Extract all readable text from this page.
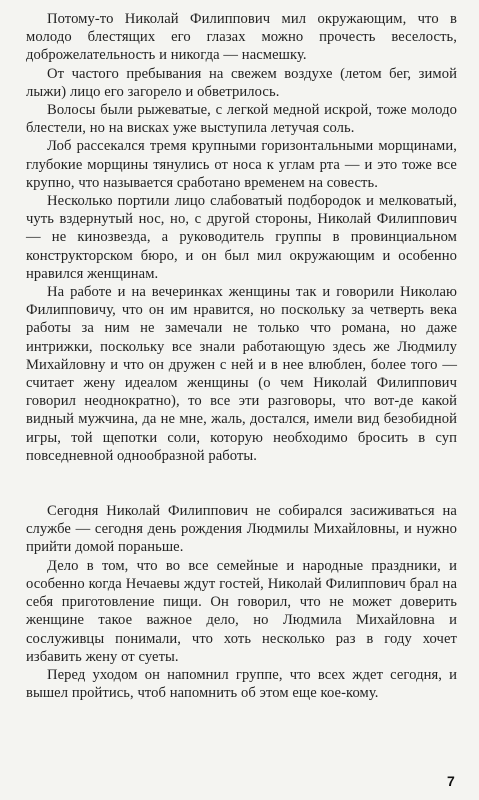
Потому-то Николай Филиппович мил окружающим, что в молодо блестящих его глазах можно прочесть веселость, доброжелательность и никогда — насмешку.

От частого пребывания на свежем воздухе (летом бег, зимой лыжи) лицо его загорело и обветрилось.

Волосы были рыжеватые, с легкой медной искрой, тоже молодо блестели, но на висках уже выступила летучая соль.

Лоб рассекался тремя крупными горизонтальными морщинами, глубокие морщины тянулись от носа к углам рта — и это тоже все крупно, что называется сработано временем на совесть.

Несколько портили лицо слабоватый подбородок и мелковатый, чуть вздернутый нос, но, с другой стороны, Николай Филиппович — не кинозвезда, а руководитель группы в провинциальном конструкторском бюро, и он был мил окружающим и особенно нравился женщинам.

На работе и на вечеринках женщины так и говорили Николаю Филипповичу, что он им нравится, но поскольку за четверть века работы за ним не замечали не только что романа, но даже интрижки, поскольку все знали работающую здесь же Людмилу Михайловну и что он дружен с ней и в нее влюблен, более того — считает жену идеалом женщины (о чем Николай Филиппович говорил неоднократно), то все эти разговоры, что вот-де какой видный мужчина, да не мне, жаль, достался, имели вид безобидной игры, той щепотки соли, которую необходимо бросить в суп повседневной однообразной работы.

Сегодня Николай Филиппович не собирался засиживаться на службе — сегодня день рождения Людмилы Михайловны, и нужно прийти домой пораньше.

Дело в том, что во все семейные и народные праздники, и особенно когда Нечаевы ждут гостей, Николай Филиппович брал на себя приготовление пищи. Он говорил, что не может доверить женщине такое важное дело, но Людмила Михайловна и сослуживцы понимали, что хоть несколько раз в году хочет избавить жену от суеты.

Перед уходом он напомнил группе, что всех ждет сегодня, и вышел пройтись, чтоб напомнить об этом еще кое-кому.

7
